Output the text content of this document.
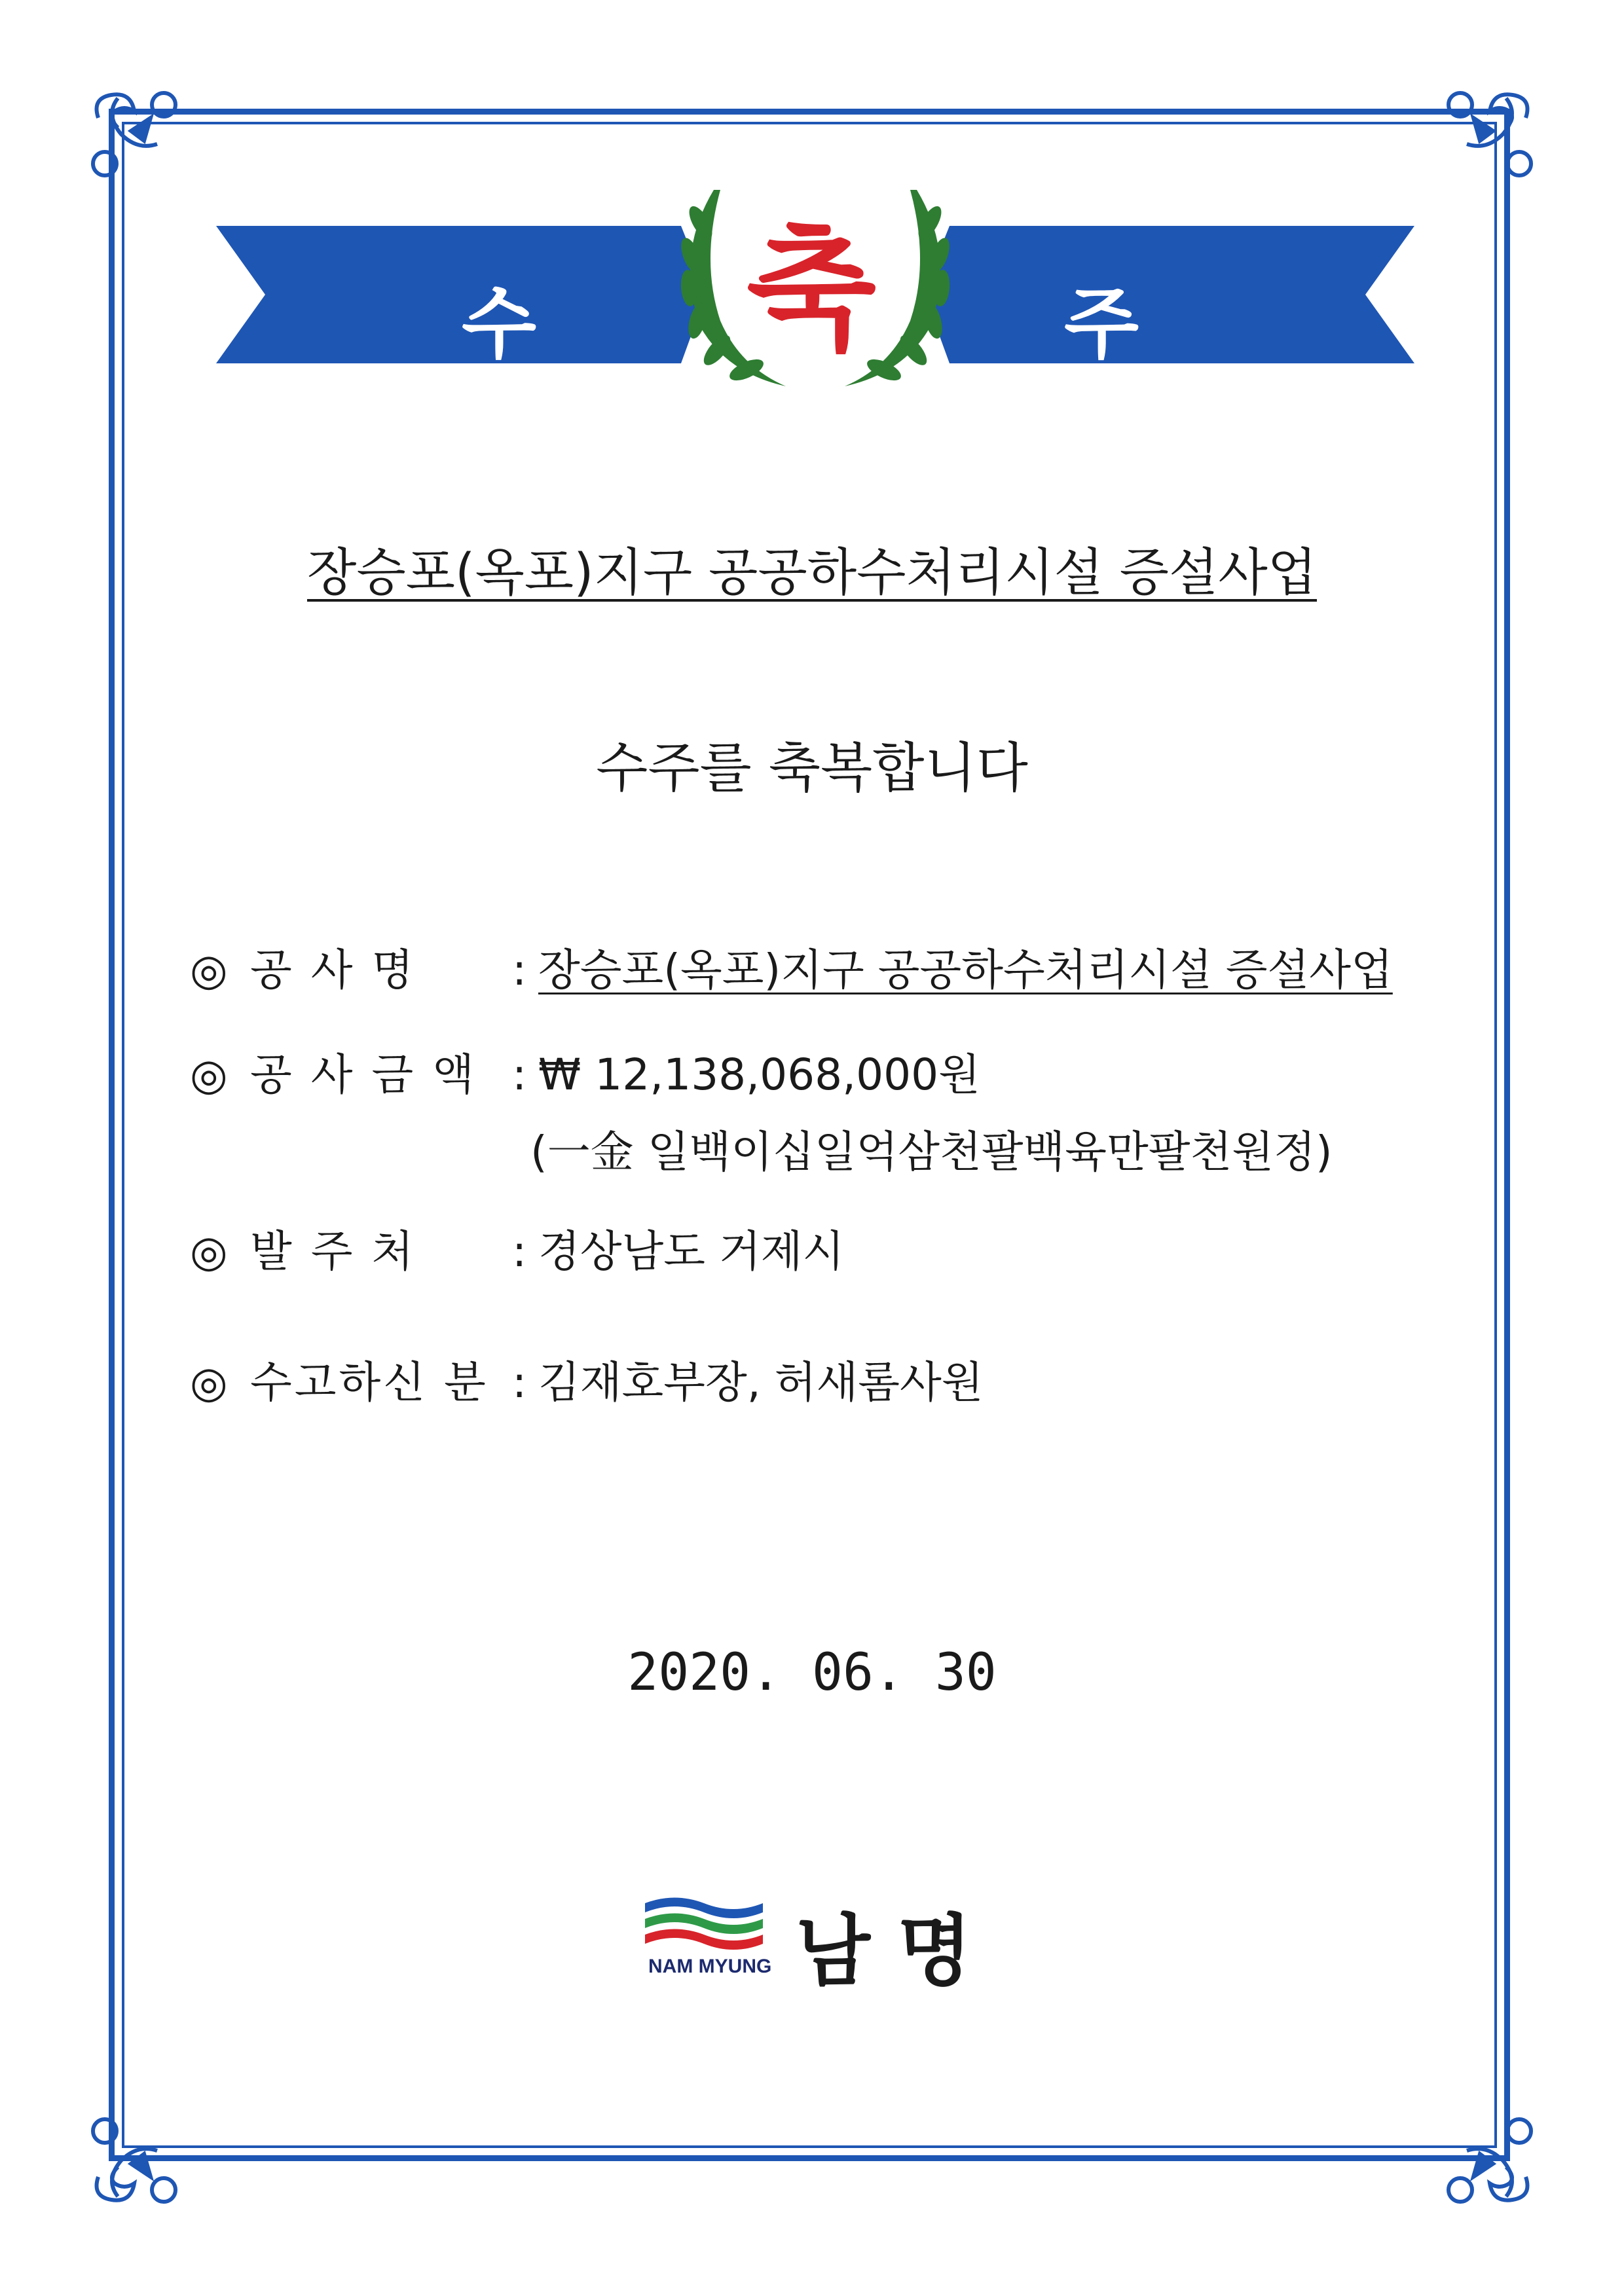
수 축 주
장승포(옥포)지구 공공하수처리시설 증설사업
수주를 축복합니다
◎ 공 사 명 : 장승포(옥포)지구 공공하수처리시설 증설사업
◎ 공 사 금 액 : ₩ 12,138,068,000원
(一金 일백이십일억삼천팔백육만팔천원정)
◎ 발 주 처 : 경상남도 거제시
◎ 수고하신 분 : 김재호부장, 허새롬사원
2020. 06. 30
NAM MYUNG 남 명
